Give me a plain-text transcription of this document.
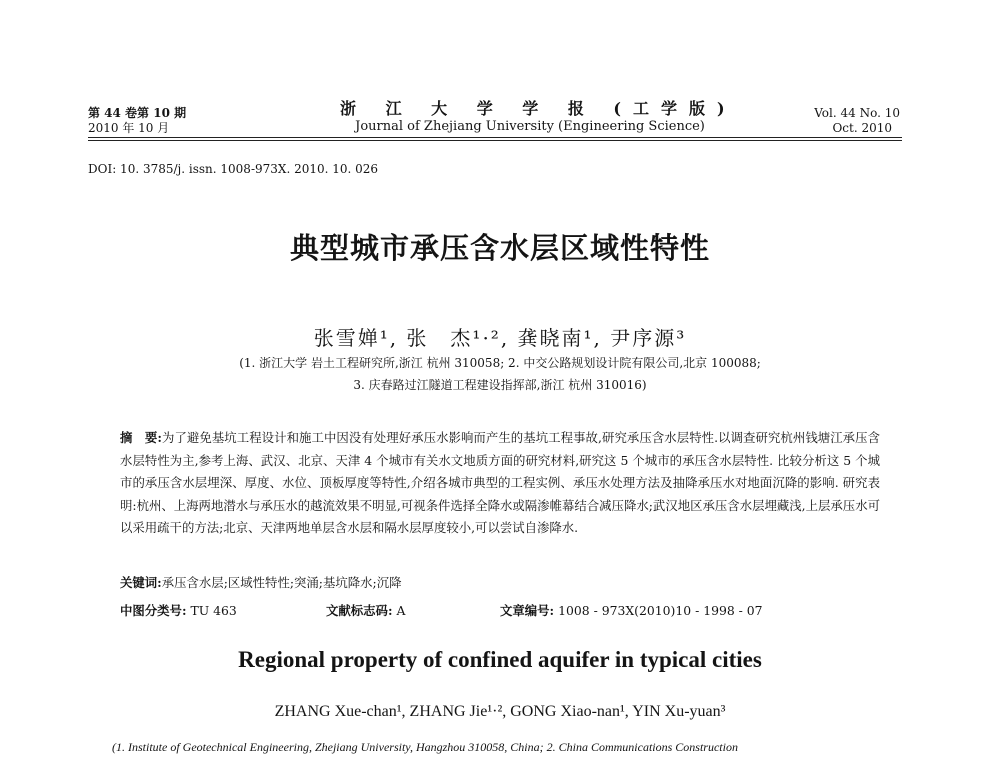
第 44 卷第 10 期
2010 年 10 月
浙 江 大 学 学 报 (工学版)
Journal of Zhejiang University (Engineering Science)
Vol. 44 No. 10
Oct. 2010
DOI: 10. 3785/j. issn. 1008-973X. 2010. 10. 026
典型城市承压含水层区域性特性
张雪婵¹, 张　杰¹·², 龚晓南¹, 尹序源³
(1. 浙江大学 岩土工程研究所,浙江 杭州 310058; 2. 中交公路规划设计院有限公司,北京 100088;
3. 庆春路过江隧道工程建设指挥部,浙江 杭州 310016)
摘　要:为了避免基坑工程设计和施工中因没有处理好承压水影响而产生的基坑工程事故,研究承压含水层特性.以调查研究杭州钱塘江承压含水层特性为主,参考上海、武汉、北京、天津 4 个城市有关水文地质方面的研究材料,研究这 5 个城市的承压含水层特性. 比较分析这 5 个城市的承压含水层埋深、厚度、水位、顶板厚度等特性,介绍各城市典型的工程实例、承压水处理方法及抽降承压水对地面沉降的影响. 研究表明:杭州、上海两地潜水与承压水的越流效果不明显,可视条件选择全降水或隔渗帷幕结合减压降水;武汉地区承压含水层埋藏浅,上层承压水可以采用疏干的方法;北京、天津两地单层含水层和隔水层厚度较小,可以尝试自渗降水.
关键词:承压含水层;区域性特性;突涌;基坑降水;沉降
中图分类号: TU 463	文献标志码: A	文章编号: 1008 - 973X(2010)10 - 1998 - 07
Regional property of confined aquifer in typical cities
ZHANG Xue-chan¹, ZHANG Jie¹·², GONG Xiao-nan¹, YIN Xu-yuan³
(1. Institute of Geotechnical Engineering, Zhejiang University, Hangzhou 310058, China; 2. China Communications Construction
